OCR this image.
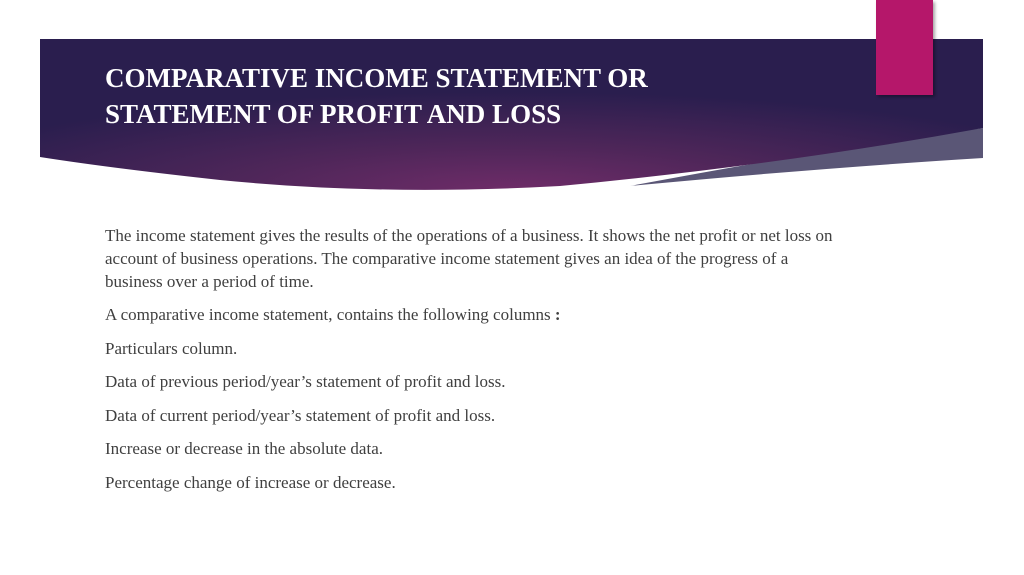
COMPARATIVE INCOME STATEMENT OR
STATEMENT OF PROFIT AND LOSS

The income statement gives the results of the operations of a business. It shows the net profit or net loss on account of business operations. The comparative income statement gives an idea of the progress of a business over a period of time.

A comparative income statement, contains the following columns :

Particulars column.

Data of previous period/year’s statement of profit and loss.

Data of current period/year’s statement of profit and loss.

Increase or decrease in the absolute data.

Percentage change of increase or decrease.
